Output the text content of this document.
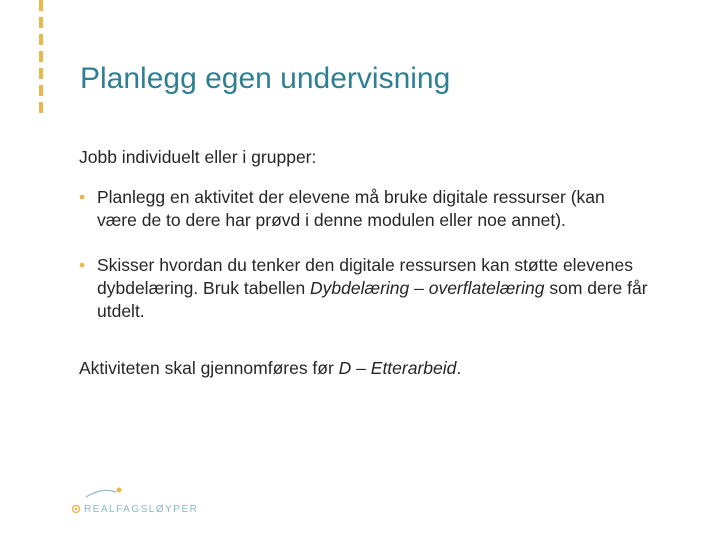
Planlegg egen undervisning

Jobb individuelt eller i grupper:

• Planlegg en aktivitet der elevene må bruke digitale ressurser (kan være de to dere har prøvd i denne modulen eller noe annet).
• Skisser hvordan du tenker den digitale ressursen kan støtte elevenes dybdelæring. Bruk tabellen Dybdelæring – overflatelæring som dere får utdelt.

Aktiviteten skal gjennomføres før D – Etterarbeid.

REALFAGSLØYPER
